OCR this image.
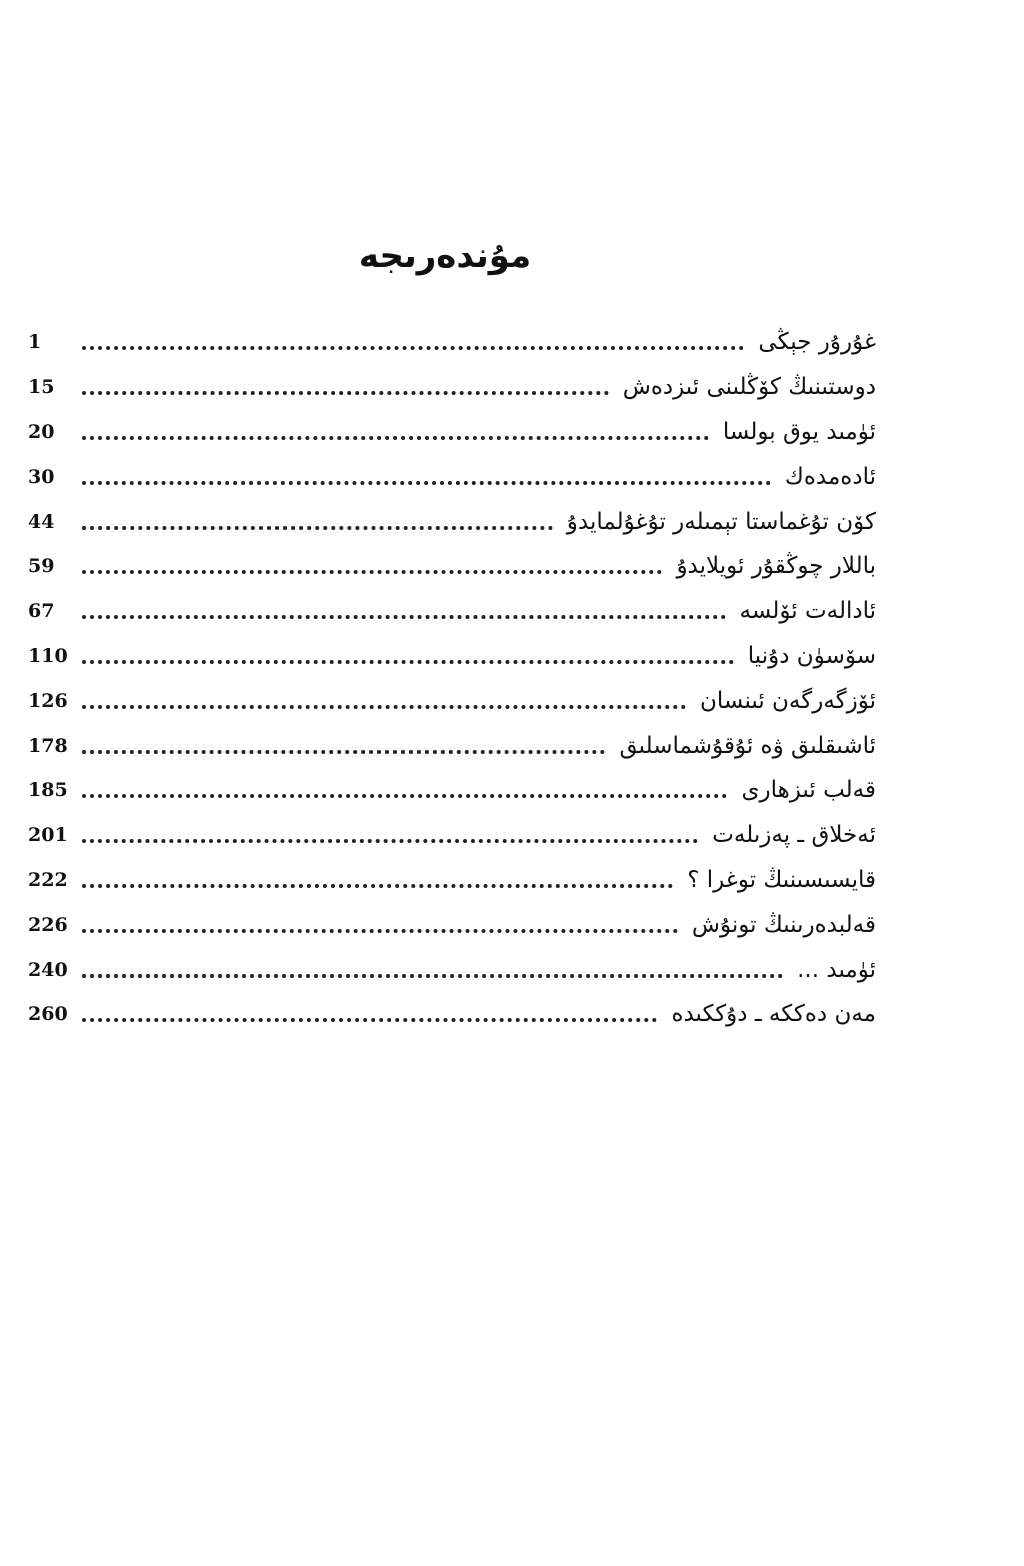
مۇندەرىجە
1	غۇرۇر جېڭى
15	دوستىنىڭ كۆڭلىنى ئىزدەش
20	ئۈمىد يوق بولسا
30	ئادەمدەك
44	كۆن تۇغماستا تېمىلەر تۇغۇلمايدۇ
59	باللار چوڭقۇر ئويلايدۇ
67	ئادالەت ئۆلسە
110	سۆسۈن دۇنيا
126	ئۆزگەرگەن ئىنسان
178	ئاشىقلىق ۋە ئۇقۇشماسلىق
185	قەلب ئىزھارى
201	ئەخلاق ـ پەزىلەت
222	قايسىسىنىڭ توغرا ؟
226	قەلبدەرىنىڭ تونۇش
240	ئۈمىد ...
260	مەن دەككە ـ دۇككىدە
